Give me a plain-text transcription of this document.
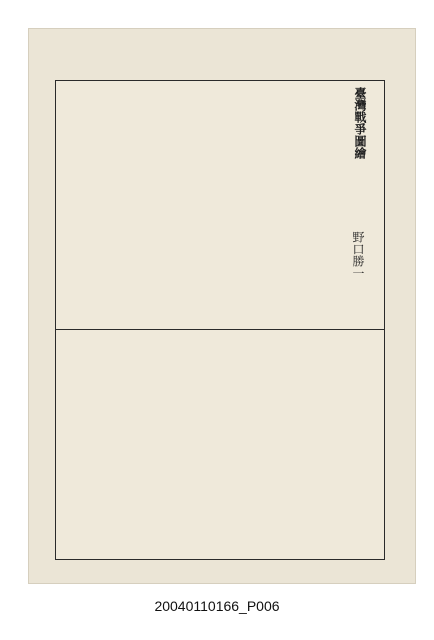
臺灣戰爭圖繪
野口勝一
20040110166_P006
